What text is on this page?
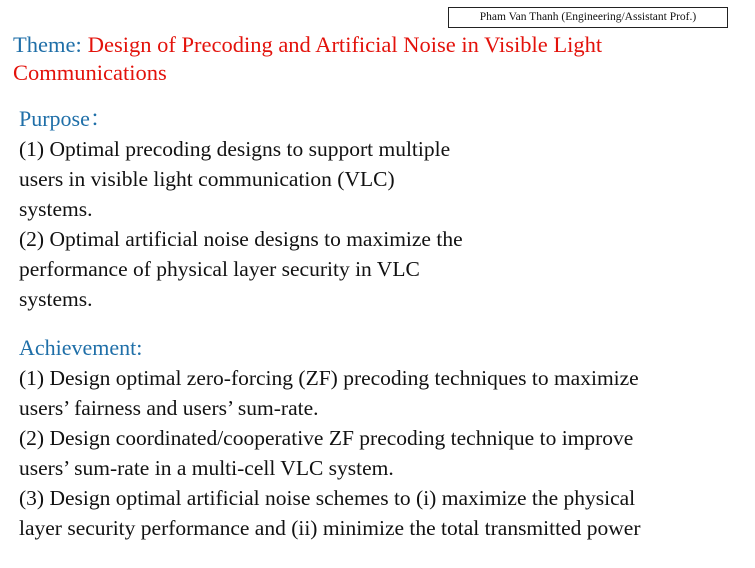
Pham Van Thanh (Engineering/Assistant Prof.)
Theme: Design of Precoding and Artificial Noise in Visible Light Communications
Purpose：
(1) Optimal precoding designs to support multiple
users in visible light communication (VLC)
systems.
(2) Optimal artificial noise designs to maximize the
performance of physical layer security in VLC
systems.
Achievement:
(1) Design optimal zero-forcing (ZF) precoding techniques to maximize
users’ fairness and users’ sum-rate.
(2) Design coordinated/cooperative ZF precoding technique to improve
users’ sum-rate in a multi-cell VLC system.
(3) Design optimal artificial noise schemes to (i) maximize the physical
layer security performance and (ii) minimize the total transmitted power
